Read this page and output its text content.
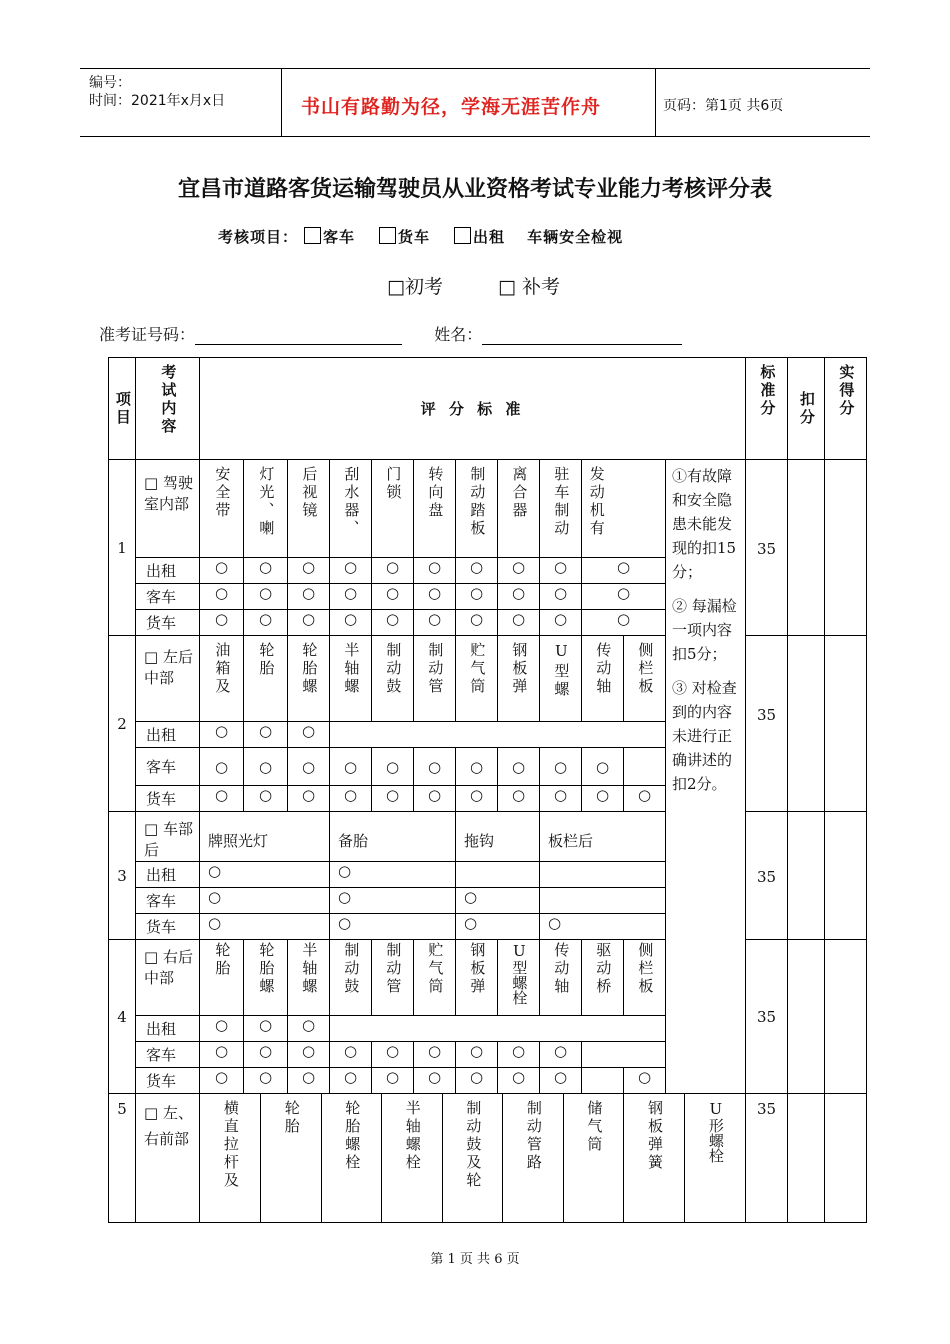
编号：
时间：2021年x月x日	书山有路勤为径，学海无涯苦作舟	页码：第1页 共6页
宜昌市道路客货运输驾驶员从业资格考试专业能力考核评分表
考核项目： 客车	货车	出租 车辆安全检视
□初考	□ 补考
准考证号码：	姓名：
项目	考试内容	评 分 标 准	标准分	扣分	实得分

1	□ 驾驶室内部	安全带	灯光、喇	后视镜	刮水器、	门锁	转向盘	制动踏板	离合器	驻车制动	发动机有	①有故障和安全隐患未能发现的扣15分；
② 每漏检一项内容扣5分；
③ 对检查到的内容未进行正确讲述的扣2分。
	35		
出租	○	○	○	○	○	○	○	○	○	○
客车	○	○	○	○	○	○	○	○	○	○
货车	○	○	○	○	○	○	○	○	○	○
2	□ 左后中部	油箱及	轮胎	轮胎螺	半轴螺	制动鼓	制动管	贮气筒	钢板弹	U型螺	传动轴	侧栏板
	35		
出租	○	○	○	
客车	○	○	○	○	○	○	○	○	○	○	
货车	○	○	○	○	○	○	○	○	○	○	○
3	□ 车部后	牌照光灯	备胎	拖钩	板栏后	35		
出租	○	○		
客车	○	○	○	
货车	○	○	○	○
4	□ 右后中部	轮胎	轮胎螺	半轴螺	制动鼓	制动管	贮气筒	钢板弹	U型螺栓	传动轴	驱动桥	侧栏板
	35		
出租	○	○	○	
客车	○	○	○	○	○	○	○	○	○	
货车	○	○	○	○	○	○	○	○	○		○
5	□ 左、右前部	横直拉杆及	轮胎	轮胎螺栓	半轴螺栓	制动鼓及轮	制动管路	储气筒	钢板弹簧	U形螺栓
	35		
第 1 页 共 6 页
